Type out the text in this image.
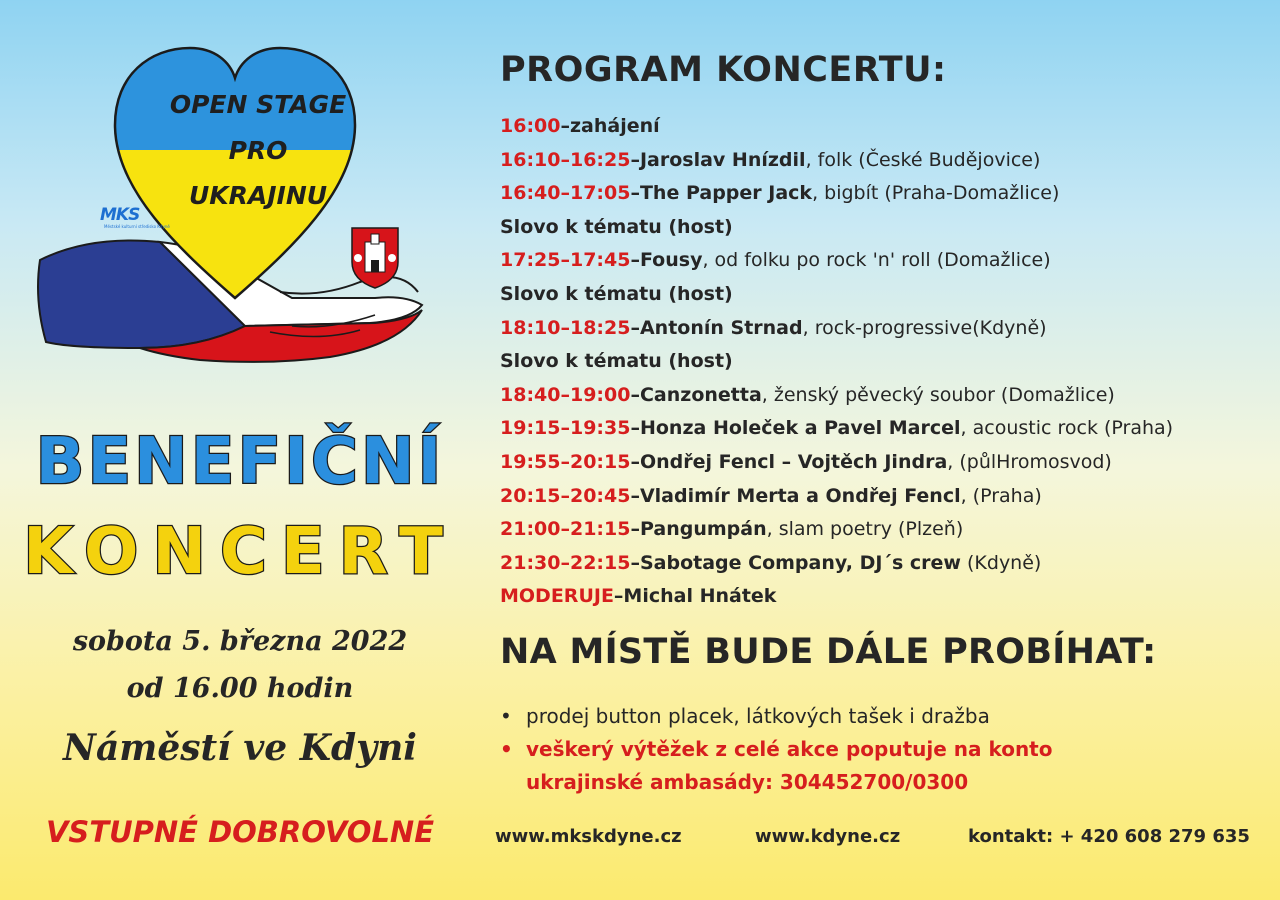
OPEN STAGE
PRO
UKRAJINU
MKS
Městské kulturní středisko Kdyně
BENEFIČNÍ
KONCERT
sobota 5. března 2022
od 16.00 hodin
Náměstí ve Kdyni
VSTUPNÉ DOBROVOLNÉ
PROGRAM KONCERTU:
16:00–zahájení
16:10–16:25–Jaroslav Hnízdil, folk (České Budějovice)
16:40–17:05–The Papper Jack, bigbít (Praha-Domažlice)
Slovo k tématu (host)
17:25–17:45–Fousy, od folku po rock 'n' roll (Domažlice)
Slovo k tématu (host)
18:10–18:25–Antonín Strnad, rock-progressive(Kdyně)
Slovo k tématu (host)
18:40–19:00–Canzonetta, ženský pěvecký soubor (Domažlice)
19:15–19:35–Honza Holeček a Pavel Marcel, acoustic rock (Praha)
19:55–20:15–Ondřej Fencl – Vojtěch Jindra, (půlHromosvod)
20:15–20:45–Vladimír Merta a Ondřej Fencl, (Praha)
21:00–21:15–Pangumpán, slam poetry (Plzeň)
21:30–22:15–Sabotage Company, DJ´s crew (Kdyně)
MODERUJE–Michal Hnátek
NA MÍSTĚ BUDE DÁLE PROBÍHAT:
• prodej button placek, látkových tašek i dražba
• veškerý výtěžek z celé akce poputuje na konto
ukrajinské ambasády: 304452700/0300
www.mkskdyne.cz	www.kdyne.cz	kontakt: + 420 608 279 635
